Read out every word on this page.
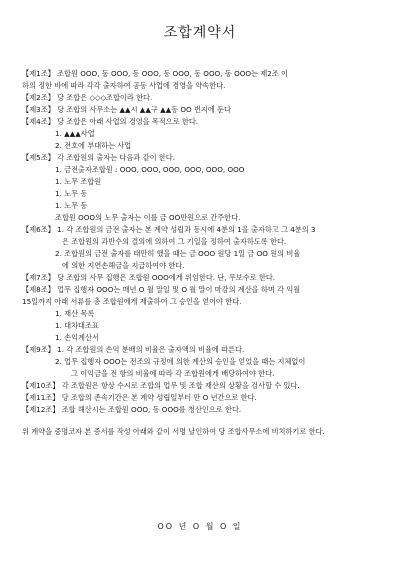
조합계약서
【제1조】 조합원 OOO, 동 OOO, 동 OOO, 동 OOO, 동 OOO, 동 OOO는 제2조 이
하의 정한 바에 따라 각각 출자하여 공동 사업에 경영을 약속한다.
【제2조】 당 조합은 ◇◇◇조합이라 한다.
【제3조】 당 조합의 사무소는 ▲▲시 ▲▲구 ▲▲동 OO 번지에 둔다
【제4조】 당 조합은 아래 사업의 경영을 목적으로 한다.
1. ▲▲▲사업
2. 전호에 부대하는 사업
【제5조】 각 조합원의 출자는 다음과 같이 한다.
1. 금전출자조합원 : OOO, OOO, OOO, OOO, OOO, OOO
1. 노무 조합원
1. 노무 동
1. 노무 동
조합원 OOO의 노무 출자는 이를 금 OO만원으로 간주한다.
【제6조】 1. 각 조합원의 금전 출자는 본 계약 성립과 동시에 4분의 1을 출자하고 그 4분의 3
은 조합원의 과반수의 결의에 의하여 그 기일을 정하여 출자하도록 한다.
2. 조합원의 금전 출자를 태만히 했을 때는 금 OOO 원당 1일 금 OO 원의 비율
에 의한 지연손해금을 지급하여야 한다.
【제7조】 당 조합의 사무 집행은 조합원 OOO에게 위임한다. 단, 무보수로 한다.
【제8조】 업무 집행자 OOO는 매년 O 월 말일 및 O 월 말이 마감의 계산을 하며 각 익월
15일까지 아래 서류를 총 조합원에게 제출하여 그 승인을 얻어야 한다.
1. 재산 목록
1. 대차대조표
1. 손익계산서
【제9조】 1. 각 조합원의 손익 분배의 비율은 출자액의 비율에 따른다.
2. 업무 집행자 OOO는 전조의 규정에 의한 계산의 승인을 얻었을 때는 지체없이
그 이익금을 전 항의 비율에 따라 각 조합원에게 배당하여야 한다.
【제10조】 각 조합원은 항상 수시로 조합의 업무 및 조합 재산의 상황을 검사할 수 있다.
【제11조】 당 조합의 존속기간은 본 계약 성립일부터 만 O 년간으로 한다.
【제12조】 조합 해산시는 조합원 OOO, 동 OOO를 청산인으로 한다.
위 계약을 증명코자 본 증서를 작성 아래와 같이 서명 날인하여 당 조합사무소에 비치하기로 한다.
OO 년 O 월 O 일
